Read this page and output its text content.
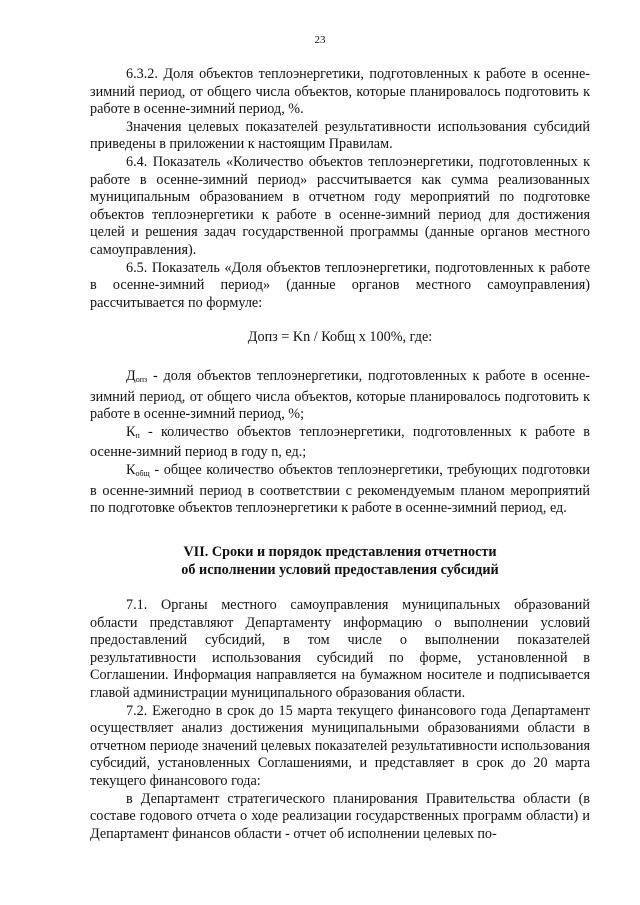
23

6.3.2. Доля объектов теплоэнергетики, подготовленных к работе в осенне-зимний период, от общего числа объектов, которые планировалось подготовить к работе в осенне-зимний период, %.

Значения целевых показателей результативности использования субсидий приведены в приложении к настоящим Правилам.

6.4. Показатель «Количество объектов теплоэнергетики, подготовленных к работе в осенне-зимний период» рассчитывается как сумма реализованных муниципальным образованием в отчетном году мероприятий по подготовке объектов теплоэнергетики к работе в осенне-зимний период для достижения целей и решения задач государственной программы (данные органов местного самоуправления).

6.5. Показатель «Доля объектов теплоэнергетики, подготовленных к работе в осенне-зимний период» (данные органов местного самоуправления) рассчитывается по формуле:

Допз = Kn / Кобщ х 100%, где:

$Д_{опз}$ - доля объектов теплоэнергетики, подготовленных к работе в осенне-зимний период, от общего числа объектов, которые планировалось подготовить к работе в осенне-зимний период, %;

$К_п$ - количество объектов теплоэнергетики, подготовленных к работе в осенне-зимний период в году n, ед.;

$К_{общ}$ - общее количество объектов теплоэнергетики, требующих подготовки в осенне-зимний период в соответствии с рекомендуемым планом мероприятий по подготовке объектов теплоэнергетики к работе в осенне-зимний период, ед.

VII. Сроки и порядок представления отчетности
об исполнении условий предоставления субсидий

7.1. Органы местного самоуправления муниципальных образований области представляют Департаменту информацию о выполнении условий предоставлений субсидий, в том числе о выполнении показателей результативности использования субсидий по форме, установленной в Соглашении. Информация направляется на бумажном носителе и подписывается главой администрации муниципального образования области.

7.2. Ежегодно в срок до 15 марта текущего финансового года Департамент осуществляет анализ достижения муниципальными образованиями области в отчетном периоде значений целевых показателей результативности использования субсидий, установленных Соглашениями, и представляет в срок до 20 марта текущего финансового года:

в Департамент стратегического планирования Правительства области (в составе годового отчета о ходе реализации государственных программ области) и Департамент финансов области - отчет об исполнении целевых по-
